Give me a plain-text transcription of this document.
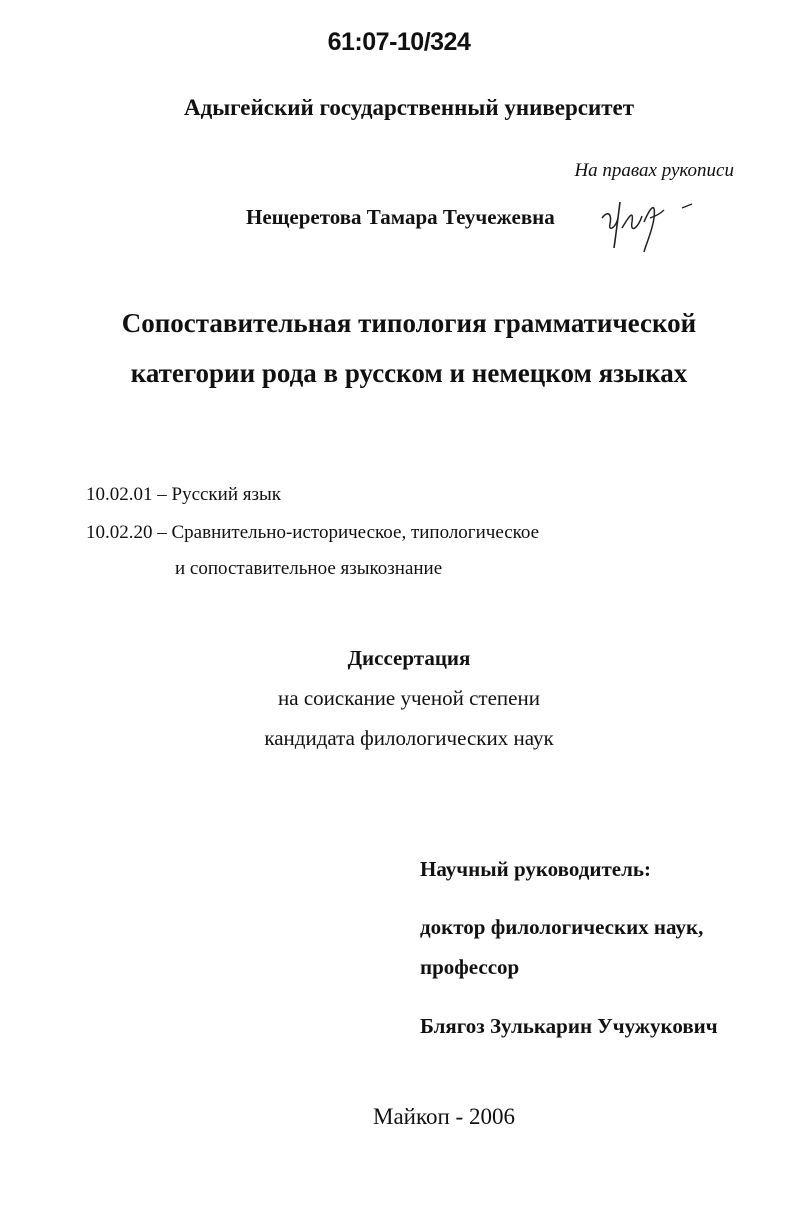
61:07-10/324
Адыгейский государственный университет
На правах рукописи
Нещеретова Тамара Теучежевна
Сопоставительная типология грамматической
категории рода в русском и немецком языках
10.02.01 – Русский язык
10.02.20 – Сравнительно-историческое, типологическое
и сопоставительное языкознание
Диссертация
на соискание ученой степени
кандидата филологических наук
Научный руководитель:
доктор филологических наук,
профессор
Блягоз Зулькарин Учужукович
Майкоп - 2006
